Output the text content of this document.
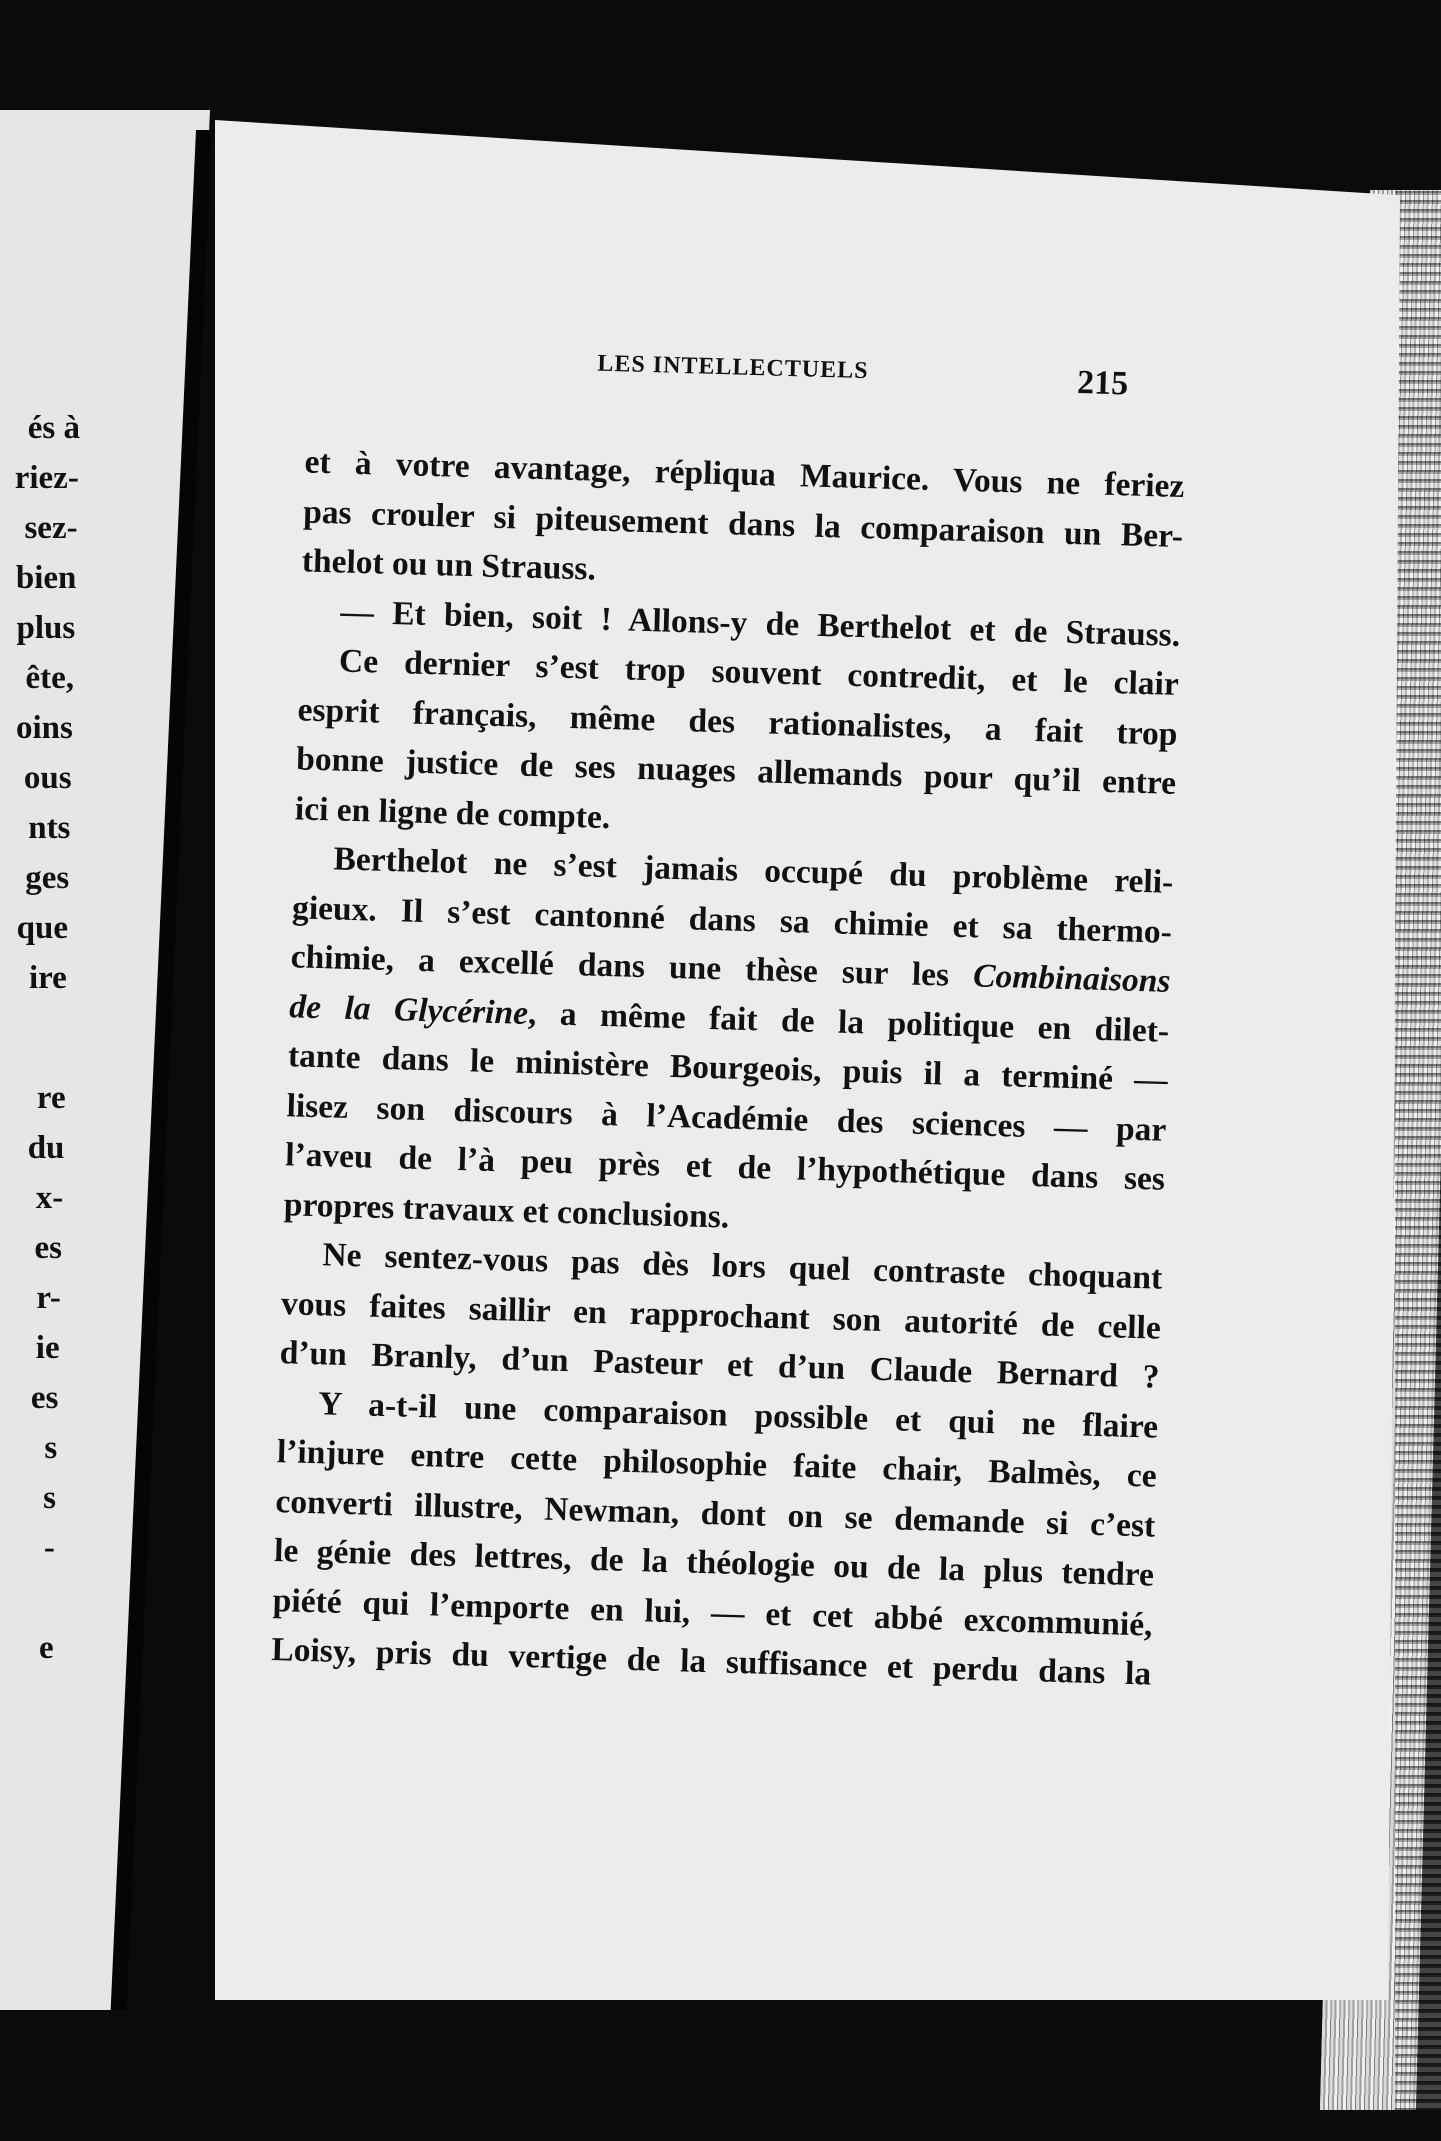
és à
riez-
sez-
bien
plus
ête,
oins
ous
nts
ges
que
ire
re
du
x-
es
r-
ie
es
s
s
-
e
LES INTELLECTUELS	215
et à votre avantage, répliqua Maurice. Vous ne feriez
pas crouler si piteusement dans la comparaison un Ber-
thelot ou un Strauss.
— Et bien, soit ! Allons-y de Berthelot et de Strauss.
Ce dernier s’est trop souvent contredit, et le clair
esprit français, même des rationalistes, a fait trop
bonne justice de ses nuages allemands pour qu’il entre
ici en ligne de compte.
Berthelot ne s’est jamais occupé du problème reli-
gieux. Il s’est cantonné dans sa chimie et sa thermo-
chimie, a excellé dans une thèse sur les Combinaisons
de la Glycérine, a même fait de la politique en dilet-
tante dans le ministère Bourgeois, puis il a terminé —
lisez son discours à l’Académie des sciences — par
l’aveu de l’à peu près et de l’hypothétique dans ses
propres travaux et conclusions.
Ne sentez-vous pas dès lors quel contraste choquant
vous faites saillir en rapprochant son autorité de celle
d’un Branly, d’un Pasteur et d’un Claude Bernard ?
Y a-t-il une comparaison possible et qui ne flaire
l’injure entre cette philosophie faite chair, Balmès, ce
converti illustre, Newman, dont on se demande si c’est
le génie des lettres, de la théologie ou de la plus tendre
piété qui l’emporte en lui, — et cet abbé excommunié,
Loisy, pris du vertige de la suffisance et perdu dans la
